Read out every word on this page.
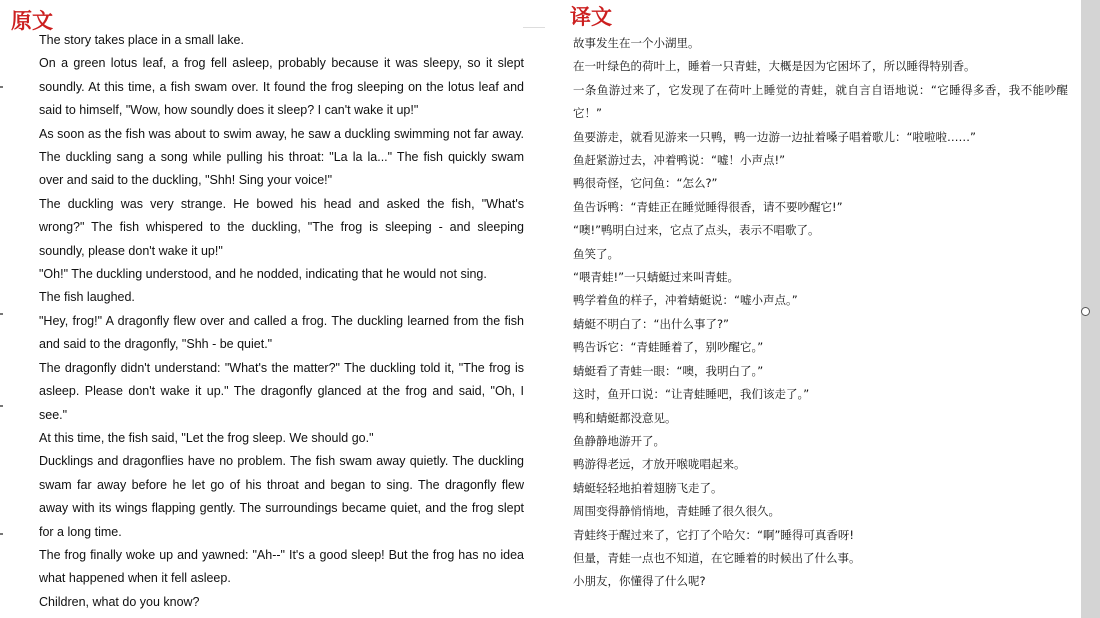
原文	译文

The story takes place in a small lake.

On a green lotus leaf, a frog fell asleep, probably because it was sleepy, so it slept soundly. At this time, a fish swam over. It found the frog sleeping on the lotus leaf and said to himself, "Wow, how soundly does it sleep? I can't wake it up!"

As soon as the fish was about to swim away, he saw a duckling swimming not far away. The duckling sang a song while pulling his throat: "La la la..." The fish quickly swam over and said to the duckling, "Shh! Sing your voice!"

The duckling was very strange. He bowed his head and asked the fish, "What's wrong?" The fish whispered to the duckling, "The frog is sleeping - and sleeping soundly, please don't wake it up!"

"Oh!" The duckling understood, and he nodded, indicating that he would not sing.

The fish laughed.

"Hey, frog!" A dragonfly flew over and called a frog. The duckling learned from the fish and said to the dragonfly, "Shh - be quiet."

The dragonfly didn't understand: "What's the matter?" The duckling told it, "The frog is asleep. Please don't wake it up." The dragonfly glanced at the frog and said, "Oh, I see."

At this time, the fish said, "Let the frog sleep. We should go."

Ducklings and dragonflies have no problem. The fish swam away quietly. The duckling swam far away before he let go of his throat and began to sing. The dragonfly flew away with its wings flapping gently. The surroundings became quiet, and the frog slept for a long time.

The frog finally woke up and yawned: "Ah--" It's a good sleep! But the frog has no idea what happened when it fell asleep.

Children, what do you know?

故事发生在一个小湖里。

在一叶绿色的荷叶上，睡着一只青蛙，大概是因为它困坏了，所以睡得特别香。

一条鱼游过来了，它发现了在荷叶上睡觉的青蛙，就自言自语地说：“它睡得多香，我不能吵醒它！”

鱼要游走，就看见游来一只鸭，鸭一边游一边扯着嗓子唱着歌儿：“啦啦啦……”

鱼赶紧游过去，冲着鸭说：“嘘！小声点!”

鸭很奇怪，它问鱼：“怎么?”

鱼告诉鸭：“青蛙正在睡觉睡得很香，请不要吵醒它!”

“噢!”鸭明白过来，它点了点头，表示不唱歌了。

鱼笑了。

“喂青蛙!”一只蜻蜓过来叫青蛙。

鸭学着鱼的样子，冲着蜻蜓说：“嘘小声点。”

蜻蜓不明白了：“出什么事了?”

鸭告诉它：“青蛙睡着了，别吵醒它。”

蜻蜓看了青蛙一眼：“噢，我明白了。”

这时，鱼开口说：“让青蛙睡吧，我们该走了。”

鸭和蜻蜓都没意见。

鱼静静地游开了。

鸭游得老远，才放开喉咙唱起来。

蜻蜓轻轻地拍着翅膀飞走了。

周围变得静悄悄地，青蛙睡了很久很久。

青蛙终于醒过来了，它打了个哈欠：“啊”睡得可真香呀!

但量，青蛙一点也不知道，在它睡着的时候出了什么事。

小朋友，你懂得了什么呢?
